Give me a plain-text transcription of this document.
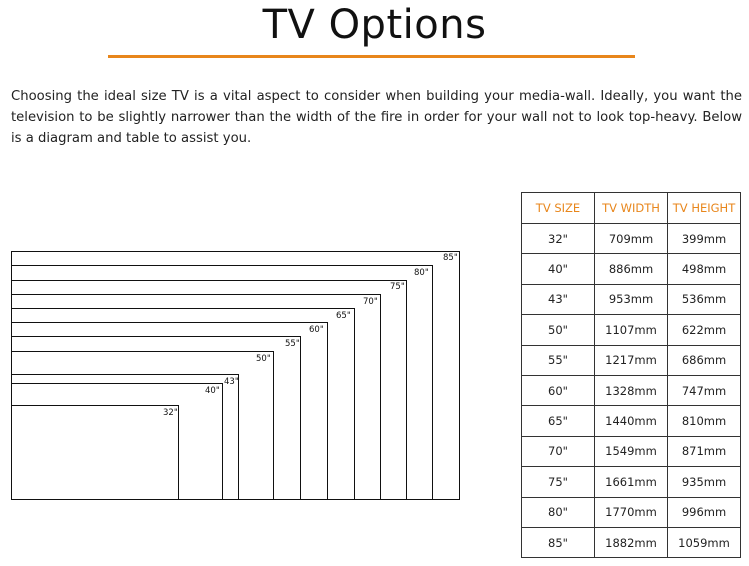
TV Options

Choosing the ideal size TV is a vital aspect to consider when building your media-wall. Ideally, you want the television to be slightly narrower than the width of the fire in order for your wall not to look top-heavy. Below is a diagram and table to assist you.

85"
80"
75"
70"
65"
60"
55"
50"
43"
40"
32"
TV SIZE	TV WIDTH	TV HEIGHT
32"	709mm	399mm
40"	886mm	498mm
43"	953mm	536mm
50"	1107mm	622mm
55"	1217mm	686mm
60"	1328mm	747mm
65"	1440mm	810mm
70"	1549mm	871mm
75"	1661mm	935mm
80"	1770mm	996mm
85"	1882mm	1059mm
